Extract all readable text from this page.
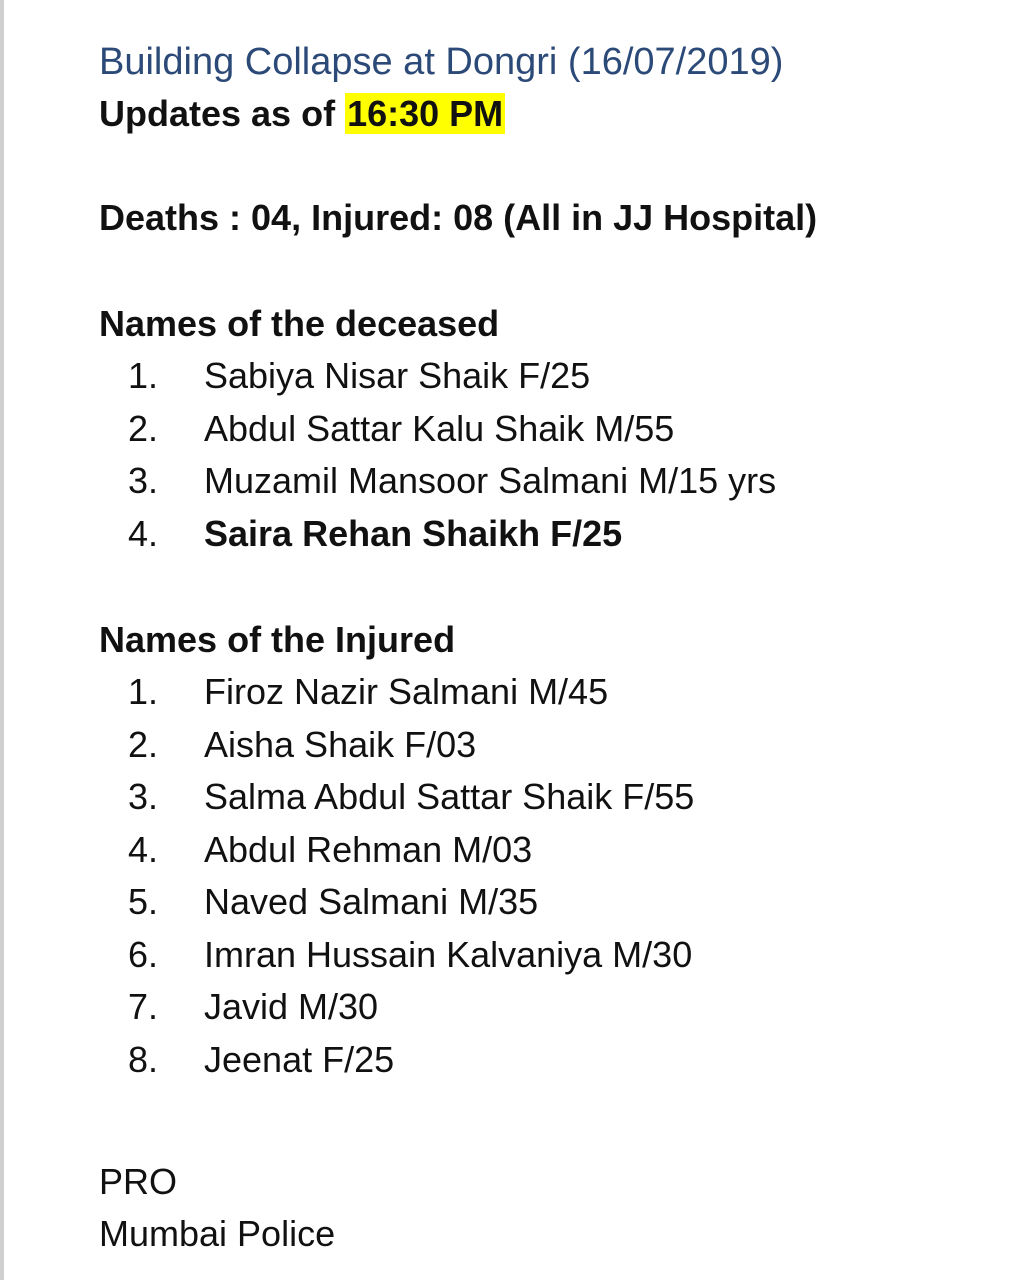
Building Collapse at Dongri (16/07/2019)

Updates as of 16:30 PM

Deaths : 04, Injured: 08 (All in JJ Hospital)

Names of the deceased

1.	Sabiya Nisar Shaik F/25
2.	Abdul Sattar Kalu Shaik M/55
3.	Muzamil Mansoor Salmani M/15 yrs
4.	Saira Rehan Shaikh F/25

Names of the Injured

1.	Firoz Nazir Salmani M/45
2.	Aisha Shaik F/03
3.	Salma Abdul Sattar Shaik F/55
4.	Abdul Rehman M/03
5.	Naved Salmani M/35
6.	Imran Hussain Kalvaniya M/30
7.	Javid M/30
8.	Jeenat F/25
PRO
Mumbai Police
